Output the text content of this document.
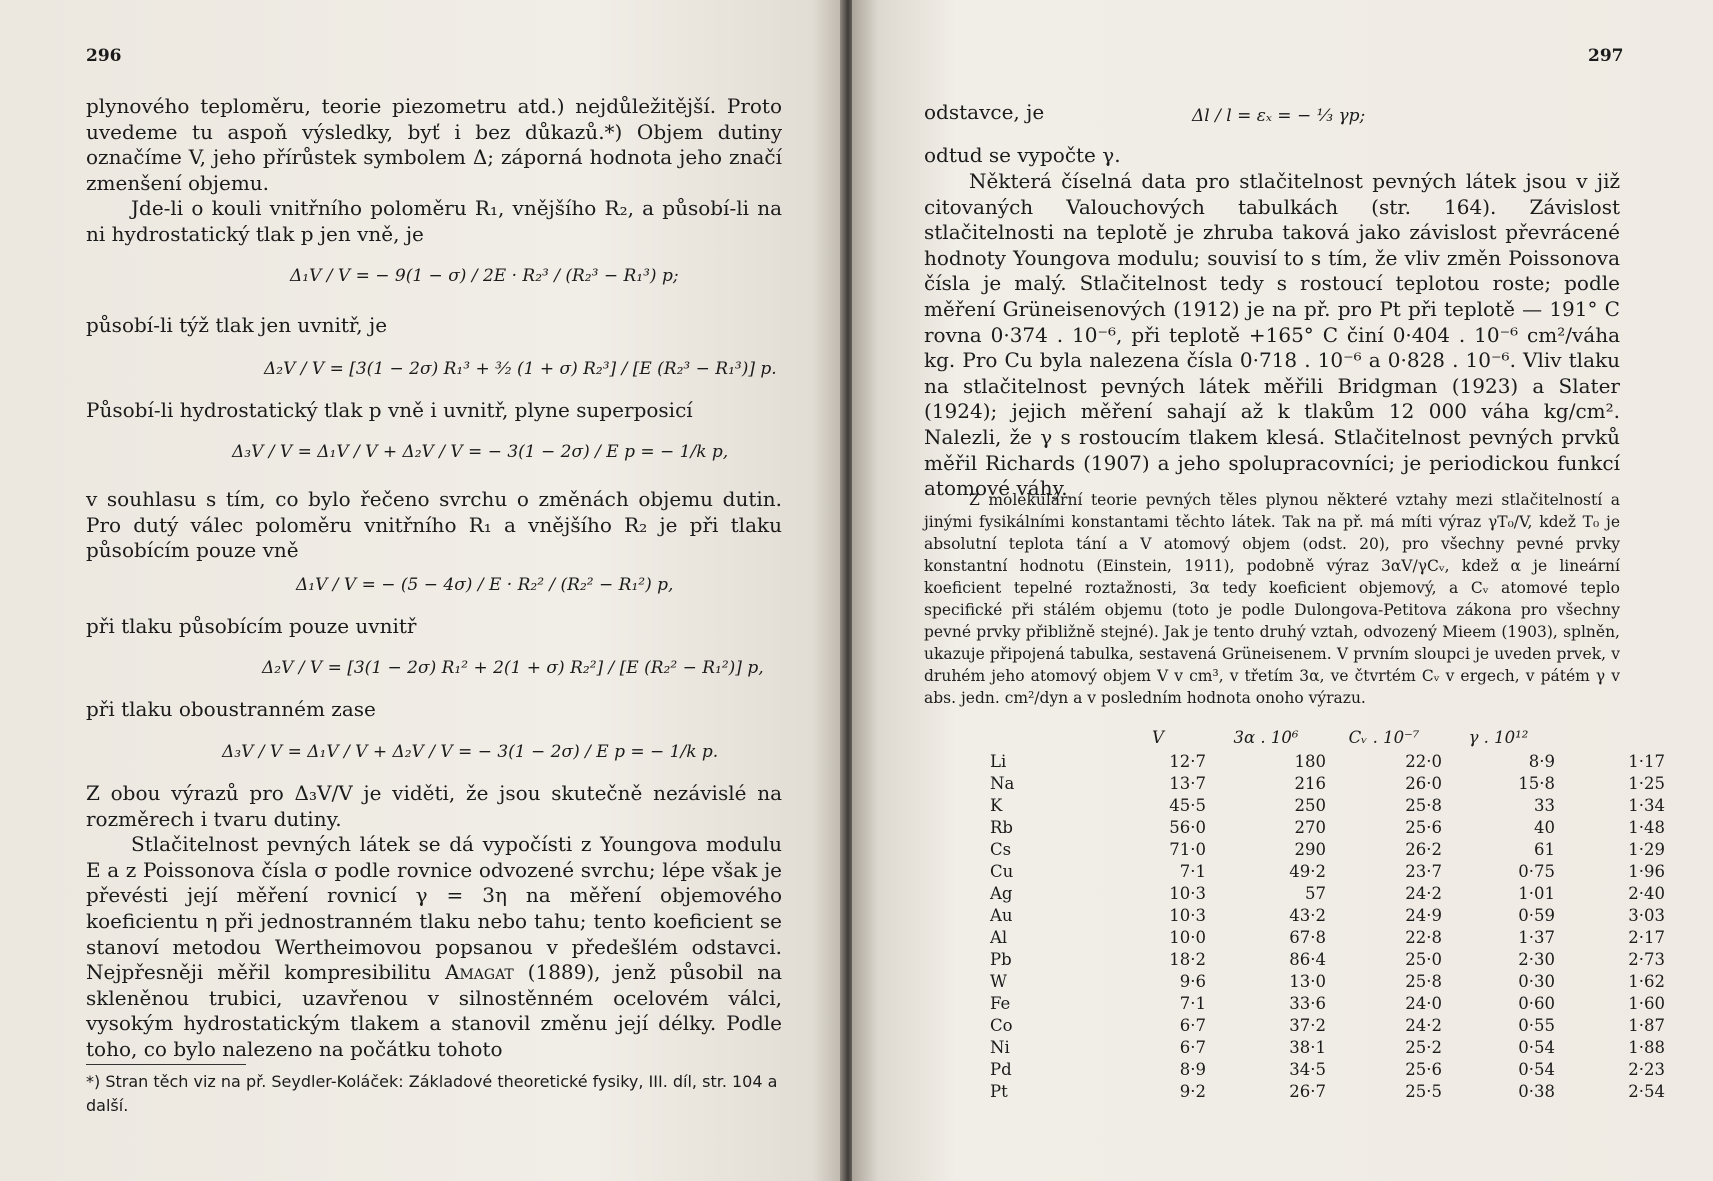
296

plynového teploměru, teorie piezometru atd.) nejdůležitější. Proto uvedeme tu aspoň výsledky, byť i bez důkazů.*) Objem dutiny označíme V, jeho přírůstek symbolem Δ; záporná hodnota jeho značí zmenšení objemu.

Jde-li o kouli vnitřního poloměru R₁, vnějšího R₂, a působí-li na ni hydrostatický tlak p jen vně, je

Δ₁V / V = − 9(1 − σ) / 2E · R₂³ / (R₂³ − R₁³) p;
působí-li týž tlak jen uvnitř, je
Δ₂V / V = [3(1 − 2σ) R₁³ + ³⁄₂ (1 + σ) R₂³] / [E (R₂³ − R₁³)] p.
Působí-li hydrostatický tlak p vně i uvnitř, plyne superposicí
Δ₃V / V = Δ₁V / V + Δ₂V / V = − 3(1 − 2σ) / E p = − 1/k p,

v souhlasu s tím, co bylo řečeno svrchu o změnách objemu dutin. Pro dutý válec poloměru vnitřního R₁ a vnějšího R₂ je při tlaku působícím pouze vně

Δ₁V / V = − (5 − 4σ) / E · R₂² / (R₂² − R₁²) p,
při tlaku působícím pouze uvnitř
Δ₂V / V = [3(1 − 2σ) R₁² + 2(1 + σ) R₂²] / [E (R₂² − R₁²)] p,
při tlaku oboustranném zase
Δ₃V / V = Δ₁V / V + Δ₂V / V = − 3(1 − 2σ) / E p = − 1/k p.

Z obou výrazů pro Δ₃V/V je viděti, že jsou skutečně nezávislé na rozměrech i tvaru dutiny.

Stlačitelnost pevných látek se dá vypočísti z Youngova modulu E a z Poissonova čísla σ podle rovnice odvozené svrchu; lépe však je převésti její měření rovnicí γ = 3η na měření objemového koeficientu η při jednostranném tlaku nebo tahu; tento koeficient se stanoví metodou Wertheimovou popsanou v předešlém odstavci. Nejpřesněji měřil kompresibilitu Amagat (1889), jenž působil na skleněnou trubici, uzavřenou v silnostěnném ocelovém válci, vysokým hydrostatickým tlakem a stanovil změnu její délky. Podle toho, co bylo nalezeno na počátku tohoto

*) Stran těch viz na př. Seydler-Koláček: Základové theoretické fysiky, III. díl, str. 104 a další.
297
odstavce, je	Δl / l = εₓ = − ⅓ γp;
odtud se vypočte γ.

Některá číselná data pro stlačitelnost pevných látek jsou v již citovaných Valouchových tabulkách (str. 164). Závislost stlačitelnosti na teplotě je zhruba taková jako závislost převrácené hodnoty Youngova modulu; souvisí to s tím, že vliv změn Poissonova čísla je malý. Stlačitelnost tedy s rostoucí teplotou roste; podle měření Grüneisenových (1912) je na př. pro Pt při teplotě — 191° C rovna 0·374 . 10⁻⁶, při teplotě +165° C činí 0·404 . 10⁻⁶ cm²/váha kg. Pro Cu byla nalezena čísla 0·718 . 10⁻⁶ a 0·828 . 10⁻⁶. Vliv tlaku na stlačitelnost pevných látek měřili Bridgman (1923) a Slater (1924); jejich měření sahají až k tlakům 12 000 váha kg/cm². Nalezli, že γ s rostoucím tlakem klesá. Stlačitelnost pevných prvků měřil Richards (1907) a jeho spolupracovníci; je periodickou funkcí atomové váhy.

Z molekulární teorie pevných těles plynou některé vztahy mezi stlačitelností a jinými fysikálními konstantami těchto látek. Tak na př. má míti výraz γT₀/V, kdež T₀ je absolutní teplota tání a V atomový objem (odst. 20), pro všechny pevné prvky konstantní hodnotu (Einstein, 1911), podobně výraz 3αV/γCᵥ, kdež α je lineární koeficient tepelné roztažnosti, 3α tedy koeficient objemový, a Cᵥ atomové teplo specifické při stálém objemu (toto je podle Dulongova-Petitova zákona pro všechny pevné prvky přibližně stejné). Jak je tento druhý vztah, odvozený Mieem (1903), splněn, ukazuje připojená tabulka, sestavená Grüneisenem. V prvním sloupci je uveden prvek, v druhém jeho atomový objem V v cm³, v třetím 3α, ve čtvrtém Cᵥ v ergech, v pátém γ v abs. jedn. cm²/dyn a v posledním hodnota onoho výrazu.

	V	3α . 10⁶	Cᵥ . 10⁻⁷	γ . 10¹²	
Li	12·7	180	22·0	8·9	1·17
Na	13·7	216	26·0	15·8	1·25
K	45·5	250	25·8	33	1·34
Rb	56·0	270	25·6	40	1·48
Cs	71·0	290	26·2	61	1·29
Cu	7·1	49·2	23·7	0·75	1·96
Ag	10·3	57	24·2	1·01	2·40
Au	10·3	43·2	24·9	0·59	3·03
Al	10·0	67·8	22·8	1·37	2·17
Pb	18·2	86·4	25·0	2·30	2·73
W	9·6	13·0	25·8	0·30	1·62
Fe	7·1	33·6	24·0	0·60	1·60
Co	6·7	37·2	24·2	0·55	1·87
Ni	6·7	38·1	25·2	0·54	1·88
Pd	8·9	34·5	25·6	0·54	2·23
Pt	9·2	26·7	25·5	0·38	2·54
